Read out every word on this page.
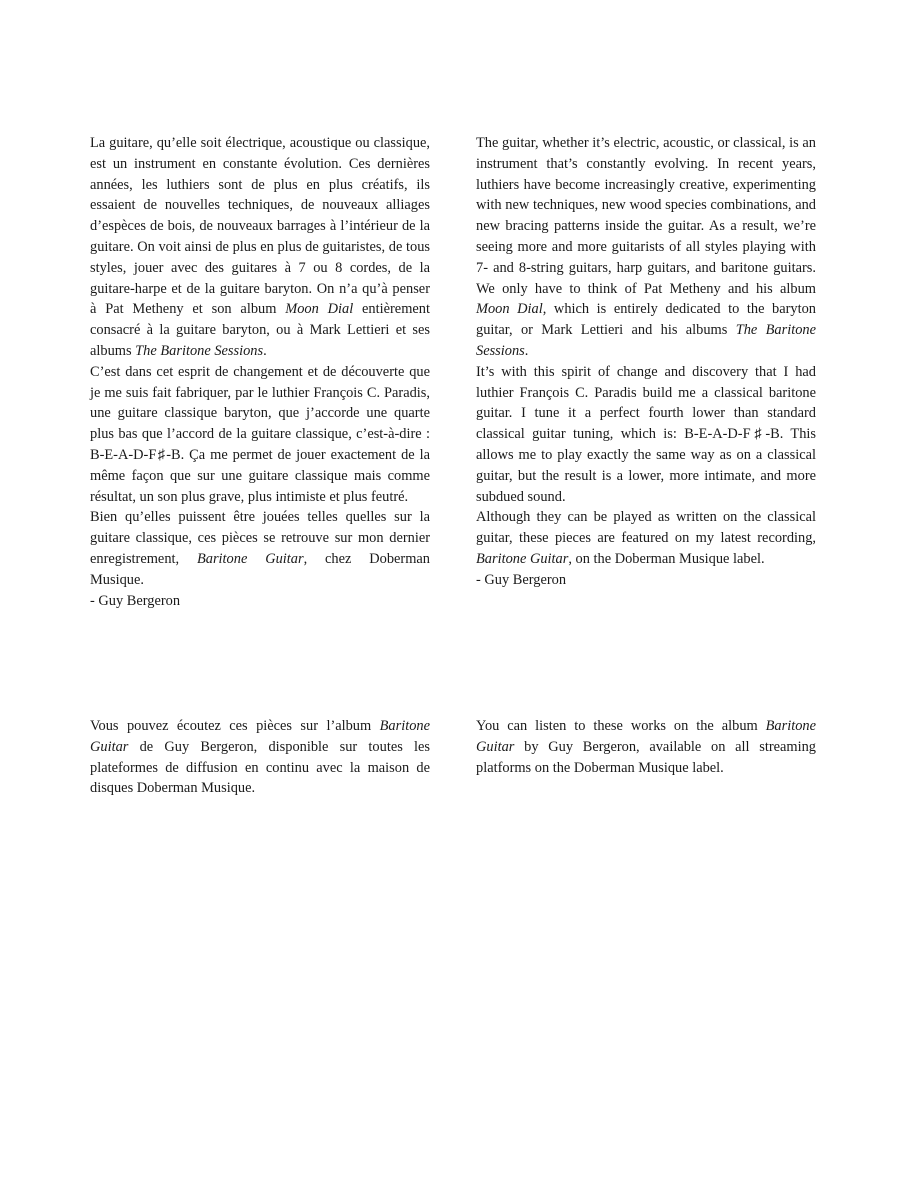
La guitare, qu’elle soit électrique, acoustique ou classique, est un instrument en constante évolution. Ces dernières années, les luthiers sont de plus en plus créatifs, ils essaient de nouvelles techniques, de nouveaux alliages d’espèces de bois, de nouveaux barrages à l’intérieur de la guitare. On voit ainsi de plus en plus de guitaristes, de tous styles, jouer avec des guitares à 7 ou 8 cordes, de la guitare-harpe et de la guitare baryton. On n’a qu’à penser à Pat Metheny et son album Moon Dial entièrement consacré à la guitare baryton, ou à Mark Lettieri et ses albums The Baritone Sessions.

C’est dans cet esprit de changement et de découverte que je me suis fait fabriquer, par le luthier François C. Paradis, une guitare classique baryton, que j’accorde une quarte plus bas que l’accord de la guitare classique, c’est-à-dire : B-E-A-D-F♯-B. Ça me permet de jouer exactement de la même façon que sur une guitare classique mais comme résultat, un son plus grave, plus intimiste et plus feutré.

Bien qu’elles puissent être jouées telles quelles sur la guitare classique, ces pièces se retrouve sur mon dernier enregistrement, Baritone Guitar, chez Doberman Musique.

- Guy Bergeron

The guitar, whether it’s electric, acoustic, or classical, is an instrument that’s constantly evolving. In recent years, luthiers have become increasingly creative, experimenting with new techniques, new wood species combinations, and new bracing patterns inside the guitar. As a result, we’re seeing more and more guitarists of all styles playing with 7- and 8-string guitars, harp guitars, and baritone guitars. We only have to think of Pat Metheny and his album Moon Dial, which is entirely dedicated to the baryton guitar, or Mark Lettieri and his albums The Baritone Sessions.

It’s with this spirit of change and discovery that I had luthier François C. Paradis build me a classical baritone guitar. I tune it a perfect fourth lower than standard classical guitar tuning, which is: B-E-A-D-F♯-B. This allows me to play exactly the same way as on a classical guitar, but the result is a lower, more intimate, and more subdued sound.

Although they can be played as written on the classical guitar, these pieces are featured on my latest recording, Baritone Guitar, on the Doberman Musique label.

- Guy Bergeron

Vous pouvez écoutez ces pièces sur l’album Baritone Guitar de Guy Bergeron, disponible sur toutes les plateformes de diffusion en continu avec la maison de disques Doberman Musique.

You can listen to these works on the album Baritone Guitar by Guy Bergeron, available on all streaming platforms on the Doberman Musique label.
